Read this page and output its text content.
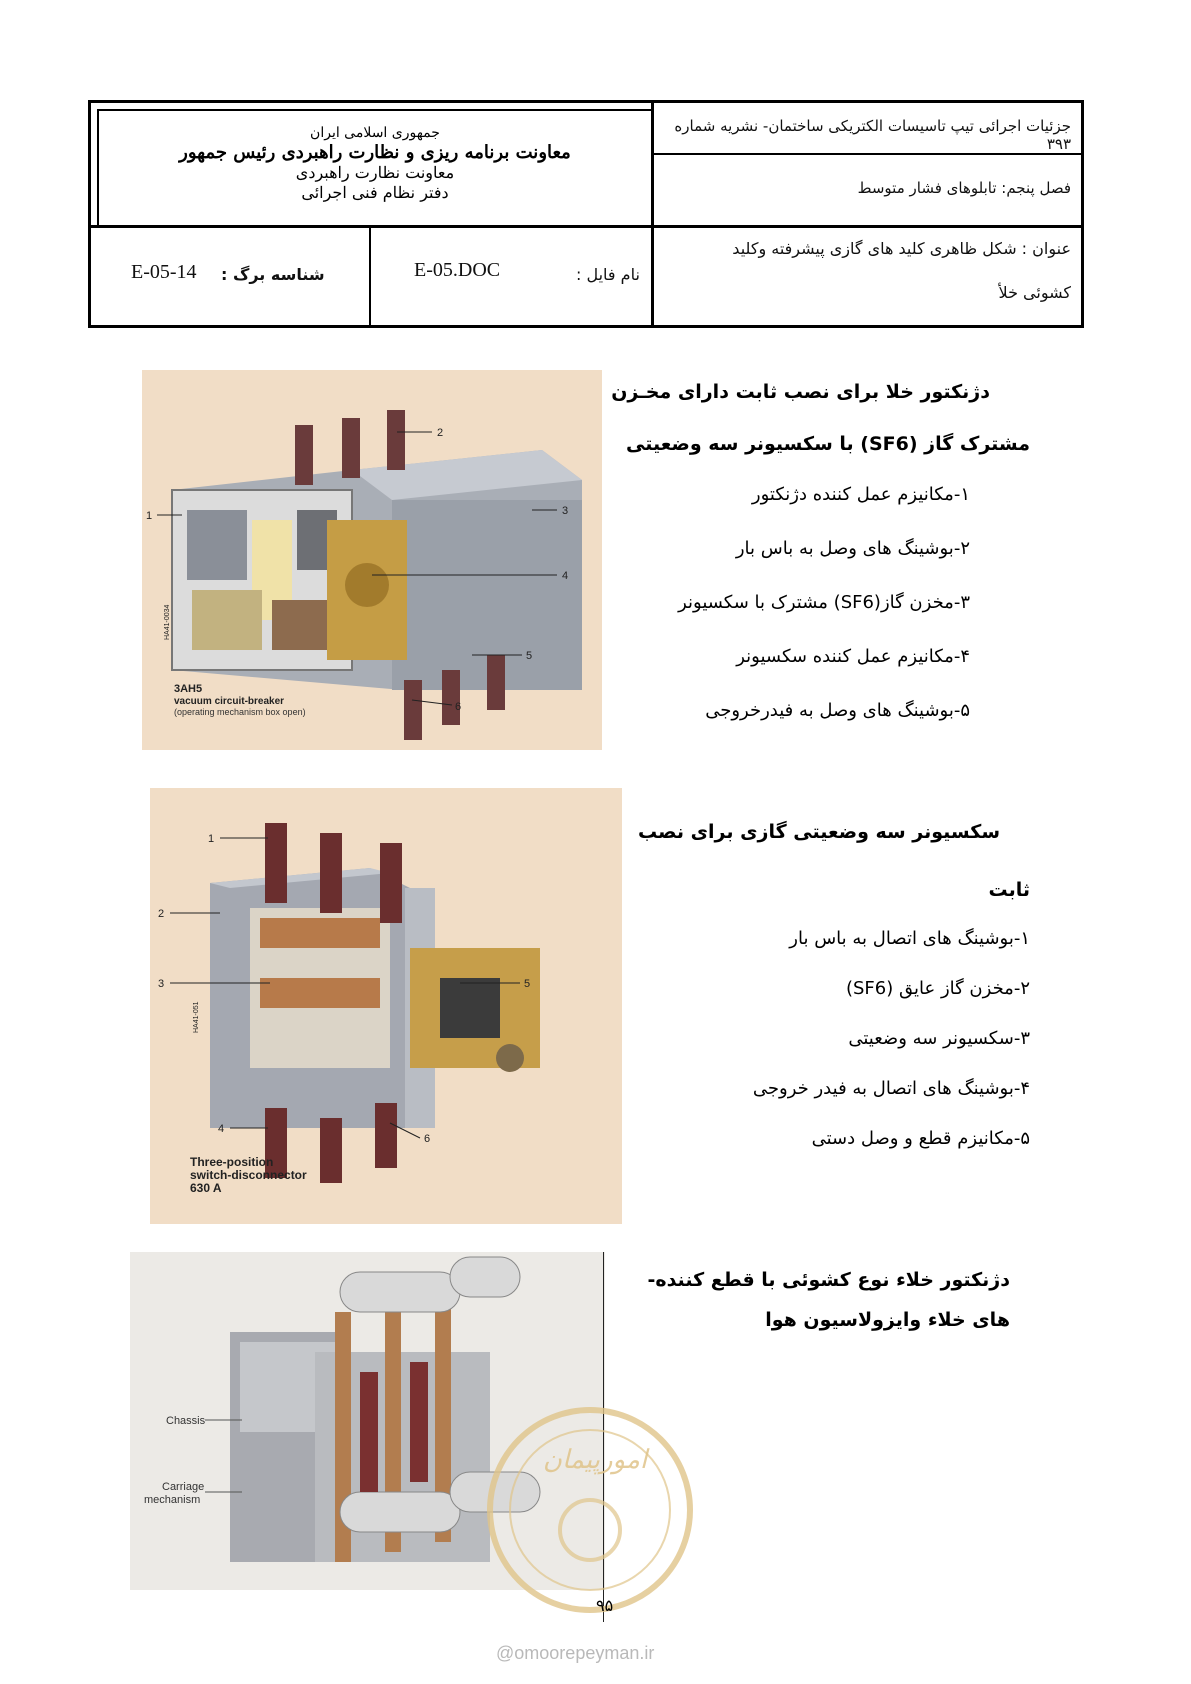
جمهوری اسلامی ایران
معاونت برنامه ریزی و نظارت راهبردی رئیس جمهور
معاونت نظارت راهبردی
دفتر نظام فنی اجرائی
جزئیات اجرائی تیپ تاسیسات الکتریکی ساختمان- نشریه شماره ۳۹۳
فصل پنجم: تابلوهای فشار متوسط
عنوان : شکل ظاهری کلید های گازی پیشرفته وکلید
کشوئی خلأ
نام فایل :
E-05.DOC
شناسه برگ :
E-05-14
1
2
3
4
5
6
HA41-0034
3AH5
vacuum circuit-breaker
(operating mechanism box open)
دژنکتور خلا برای نصب ثابت دارای مخـزن
مشترک گاز (SF6) با سکسیونر سه وضعیتی
۱-مکانیزم عمل کننده دژنکتور
۲-بوشینگ های وصل به باس بار
۳-مخزن گاز(SF6) مشترک با سکسیونر
۴-مکانیزم عمل کننده سکسیونر
۵-بوشینگ های وصل به فیدرخروجی
1
2
3
4
5
6
HA41-051
Three-position
switch-disconnector
630 A
سکسیونر سه وضعیتی گازی برای نصب
ثابت
۱-بوشینگ های اتصال به باس بار
۲-مخزن گاز عایق (SF6)
۳-سکسیونر سه وضعیتی
۴-بوشینگ های اتصال به فیدر خروجی
۵-مکانیزم قطع و وصل دستی
Chassis
Carriage
mechanism
امورپیمان
دژنکتور خلاء نوع کشوئی با قطع کننده-
های خلاء وایزولاسیون هوا
۹۵
@omoorepeyman.ir
